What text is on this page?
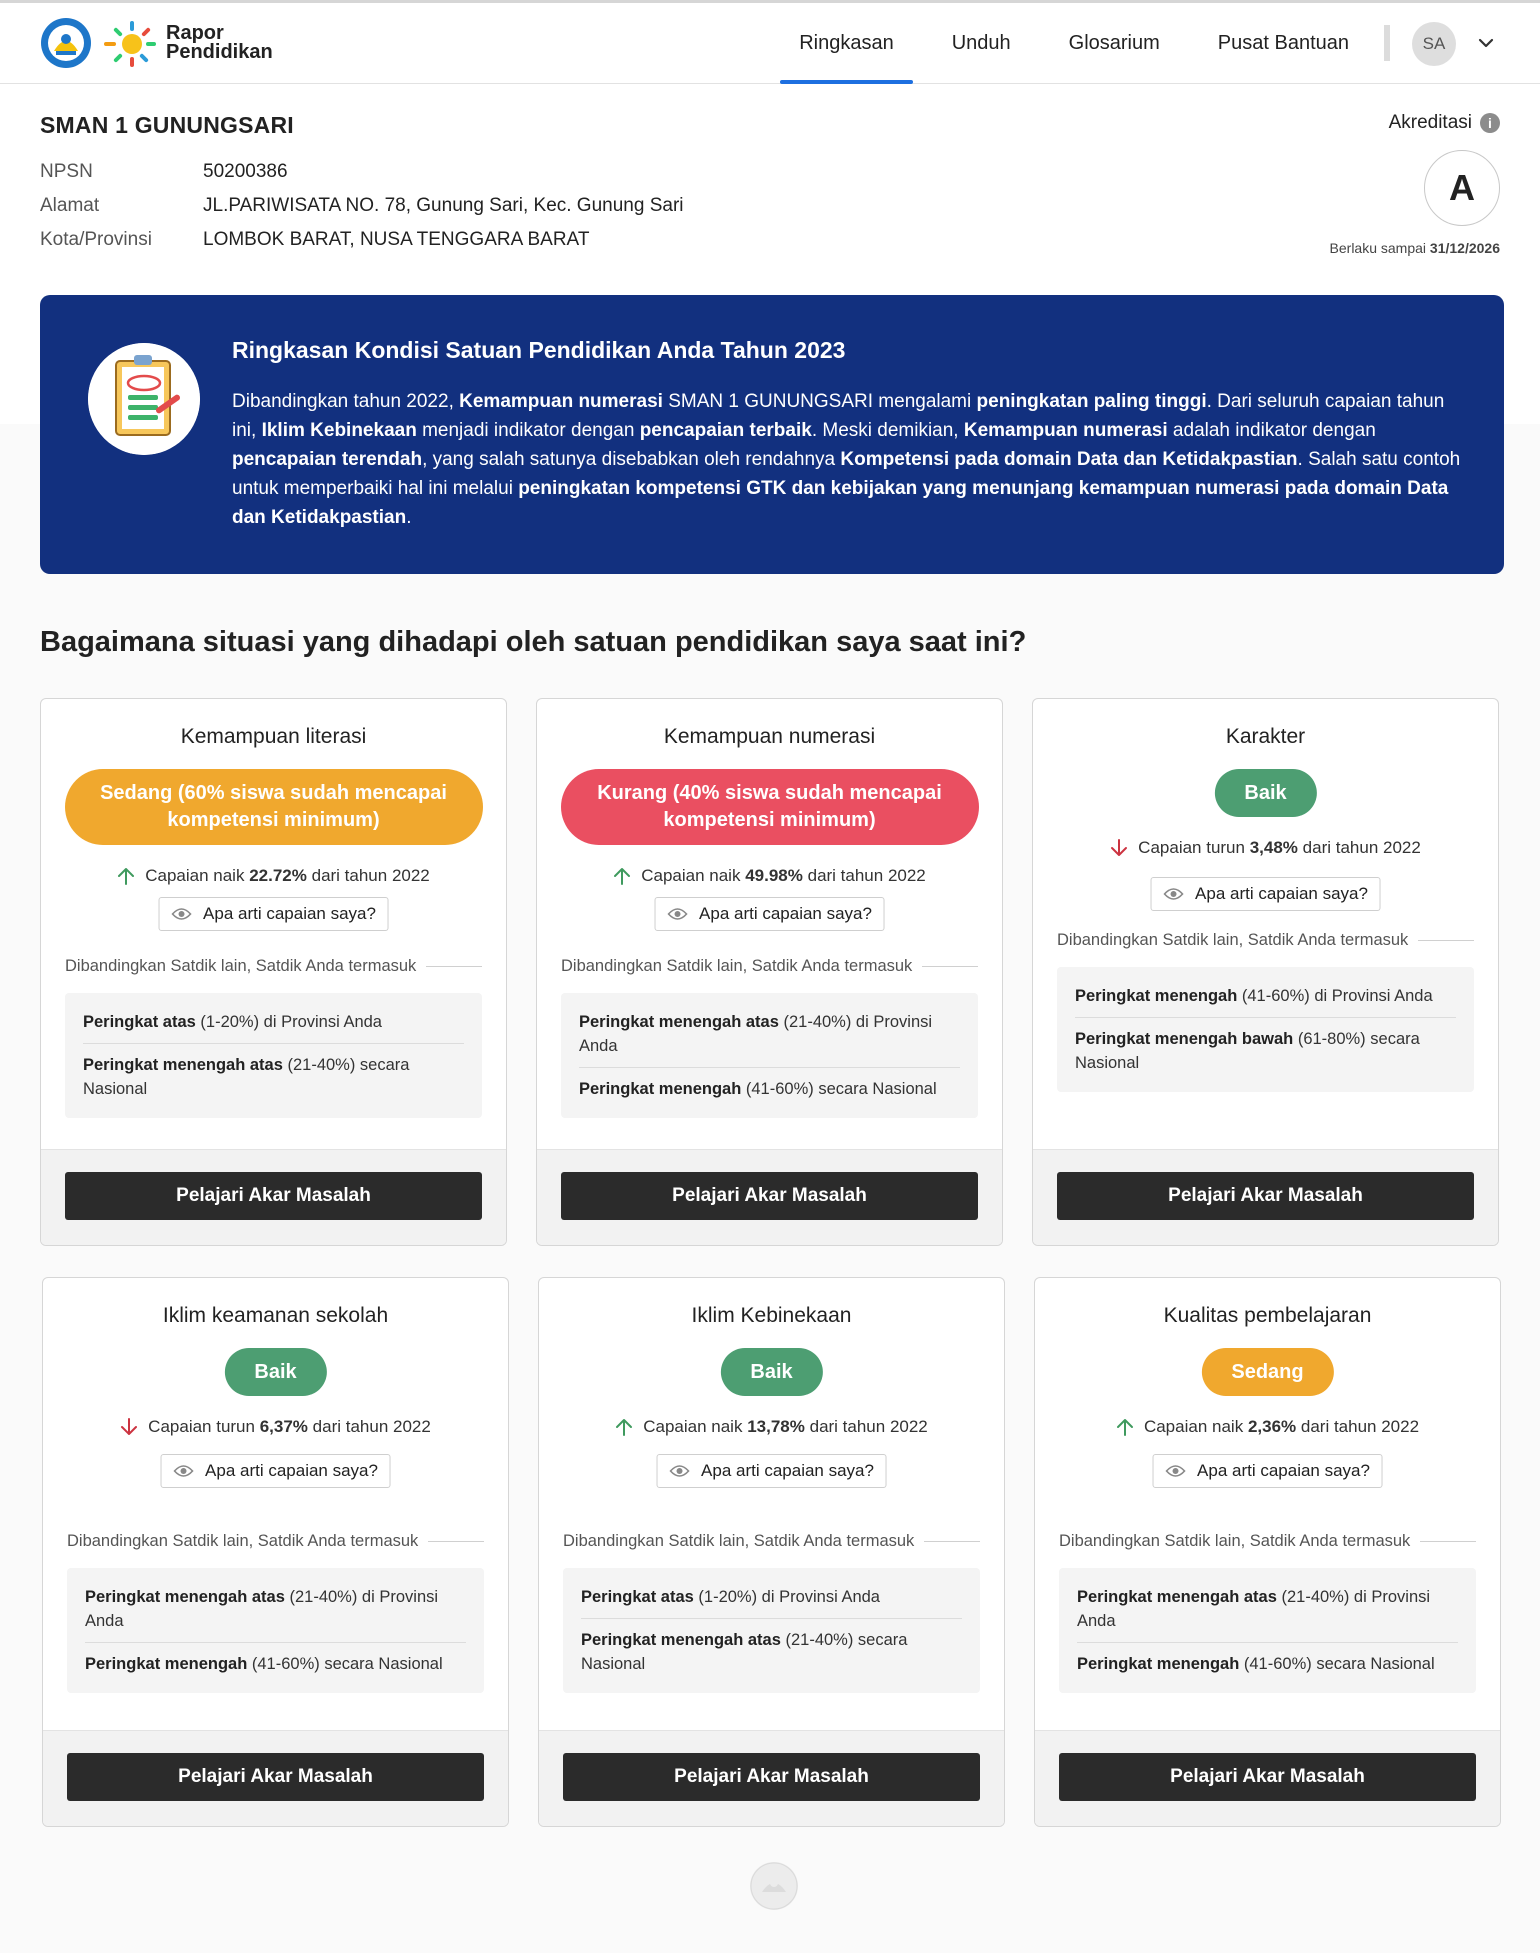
Rapor
Pendidikan	Ringkasan	Unduh	Glosarium	Pusat Bantuan	SA
SMAN 1 GUNUNGSARI
NPSN	50200386
Alamat	JL.PARIWISATA NO. 78, Gunung Sari, Kec. Gunung Sari
Kota/Provinsi	LOMBOK BARAT, NUSA TENGGARA BARAT
Akreditasi	i
A
Berlaku sampai 31/12/2026
Ringkasan Kondisi Satuan Pendidikan Anda Tahun 2023
Dibandingkan tahun 2022, Kemampuan numerasi SMAN 1 GUNUNGSARI mengalami peningkatan paling tinggi. Dari seluruh capaian tahun ini, Iklim Kebinekaan menjadi indikator dengan pencapaian terbaik. Meski demikian, Kemampuan numerasi adalah indikator dengan pencapaian terendah, yang salah satunya disebabkan oleh rendahnya Kompetensi pada domain Data dan Ketidakpastian. Salah satu contoh untuk memperbaiki hal ini melalui peningkatan kompetensi GTK dan kebijakan yang menunjang kemampuan numerasi pada domain Data dan Ketidakpastian.
Bagaimana situasi yang dihadapi oleh satuan pendidikan saya saat ini?
Kemampuan literasi
Sedang (60% siswa sudah mencapai kompetensi minimum)
Capaian naik 22.72% dari tahun 2022
Apa arti capaian saya?
Dibandingkan Satdik lain, Satdik Anda termasuk
Peringkat atas (1-20%) di Provinsi Anda
Peringkat menengah atas (21-40%) secara Nasional
Pelajari Akar Masalah
Kemampuan numerasi
Kurang (40% siswa sudah mencapai kompetensi minimum)
Capaian naik 49.98% dari tahun 2022
Apa arti capaian saya?
Dibandingkan Satdik lain, Satdik Anda termasuk
Peringkat menengah atas (21-40%) di Provinsi Anda
Peringkat menengah (41-60%) secara Nasional
Pelajari Akar Masalah
Karakter
Baik
Capaian turun 3,48% dari tahun 2022
Apa arti capaian saya?
Dibandingkan Satdik lain, Satdik Anda termasuk
Peringkat menengah (41-60%) di Provinsi Anda
Peringkat menengah bawah (61-80%) secara Nasional
Pelajari Akar Masalah
Iklim keamanan sekolah
Baik
Capaian turun 6,37% dari tahun 2022
Apa arti capaian saya?
Dibandingkan Satdik lain, Satdik Anda termasuk
Peringkat menengah atas (21-40%) di Provinsi Anda
Peringkat menengah (41-60%) secara Nasional
Pelajari Akar Masalah
Iklim Kebinekaan
Baik
Capaian naik 13,78% dari tahun 2022
Apa arti capaian saya?
Dibandingkan Satdik lain, Satdik Anda termasuk
Peringkat atas (1-20%) di Provinsi Anda
Peringkat menengah atas (21-40%) secara Nasional
Pelajari Akar Masalah
Kualitas pembelajaran
Sedang
Capaian naik 2,36% dari tahun 2022
Apa arti capaian saya?
Dibandingkan Satdik lain, Satdik Anda termasuk
Peringkat menengah atas (21-40%) di Provinsi Anda
Peringkat menengah (41-60%) secara Nasional
Pelajari Akar Masalah
